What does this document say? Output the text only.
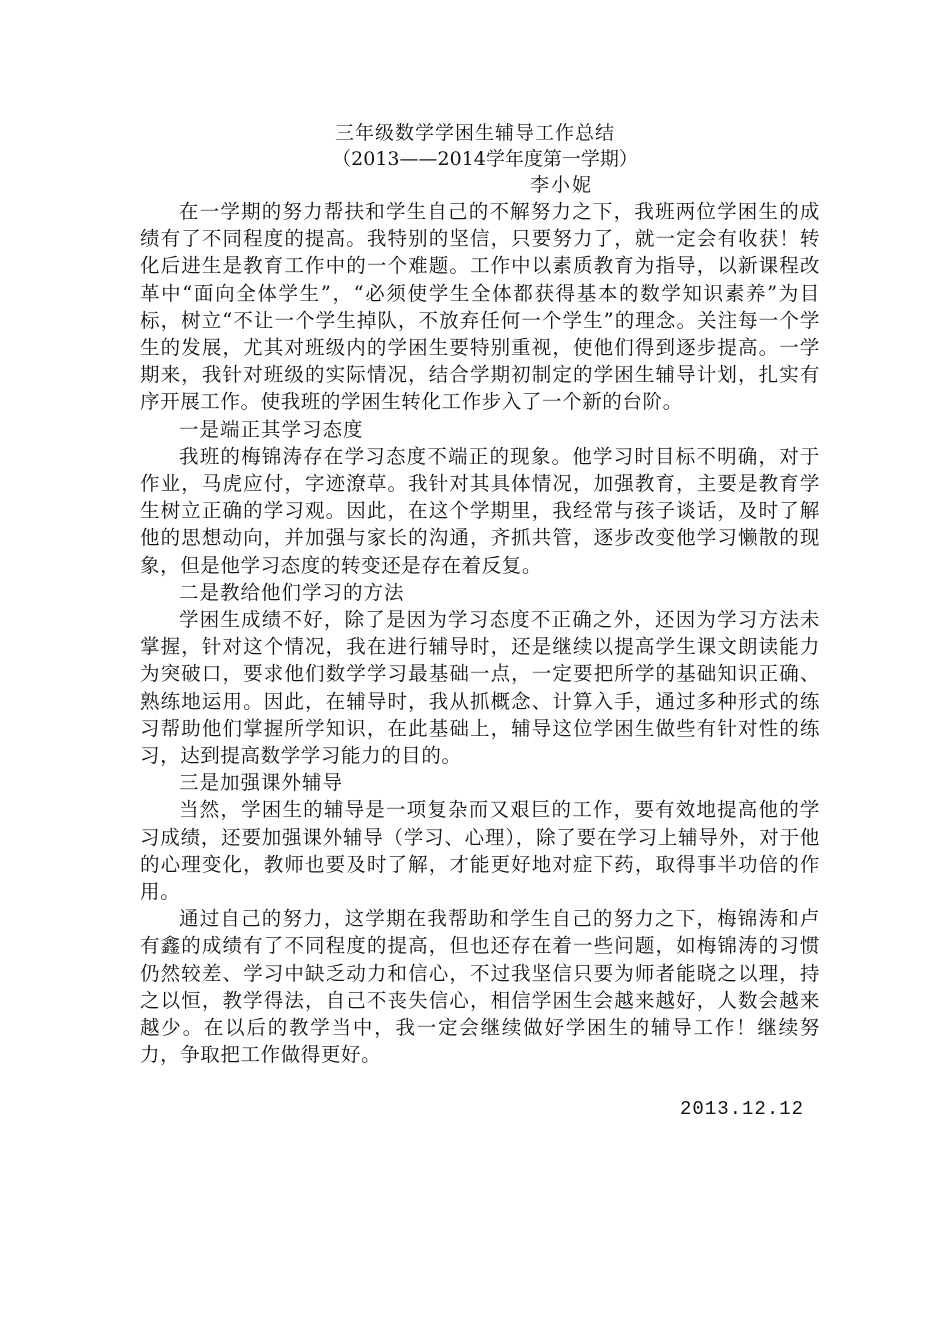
三年级数学学困生辅导工作总结
（2013——2014学年度第一学期）
李小妮

在一学期的努力帮扶和学生自己的不解努力之下，我班两位学困生的成绩有了不同程度的提高。我特别的坚信，只要努力了，就一定会有收获！转化后进生是教育工作中的一个难题。工作中以素质教育为指导，以新课程改革中“面向全体学生”，“必须使学生全体都获得基本的数学知识素养”为目标，树立“不让一个学生掉队，不放弃任何一个学生”的理念。关注每一个学生的发展，尤其对班级内的学困生要特别重视，使他们得到逐步提高。一学期来，我针对班级的实际情况，结合学期初制定的学困生辅导计划，扎实有序开展工作。使我班的学困生转化工作步入了一个新的台阶。

一是端正其学习态度

我班的梅锦涛存在学习态度不端正的现象。他学习时目标不明确，对于作业，马虎应付，字迹潦草。我针对其具体情况，加强教育，主要是教育学生树立正确的学习观。因此，在这个学期里，我经常与孩子谈话，及时了解他的思想动向，并加强与家长的沟通，齐抓共管，逐步改变他学习懒散的现象，但是他学习态度的转变还是存在着反复。

二是教给他们学习的方法

学困生成绩不好，除了是因为学习态度不正确之外，还因为学习方法未掌握，针对这个情况，我在进行辅导时，还是继续以提高学生课文朗读能力为突破口，要求他们数学学习最基础一点，一定要把所学的基础知识正确、熟练地运用。因此，在辅导时，我从抓概念、计算入手，通过多种形式的练习帮助他们掌握所学知识，在此基础上，辅导这位学困生做些有针对性的练习，达到提高数学学习能力的目的。

三是加强课外辅导

当然，学困生的辅导是一项复杂而又艰巨的工作，要有效地提高他的学习成绩，还要加强课外辅导（学习、心理），除了要在学习上辅导外，对于他的心理变化，教师也要及时了解，才能更好地对症下药，取得事半功倍的作用。

通过自己的努力，这学期在我帮助和学生自己的努力之下，梅锦涛和卢有鑫的成绩有了不同程度的提高，但也还存在着一些问题，如梅锦涛的习惯仍然较差、学习中缺乏动力和信心，不过我坚信只要为师者能晓之以理，持之以恒，教学得法，自己不丧失信心，相信学困生会越来越好，人数会越来越少。在以后的教学当中，我一定会继续做好学困生的辅导工作！继续努力，争取把工作做得更好。

2013.12.12
